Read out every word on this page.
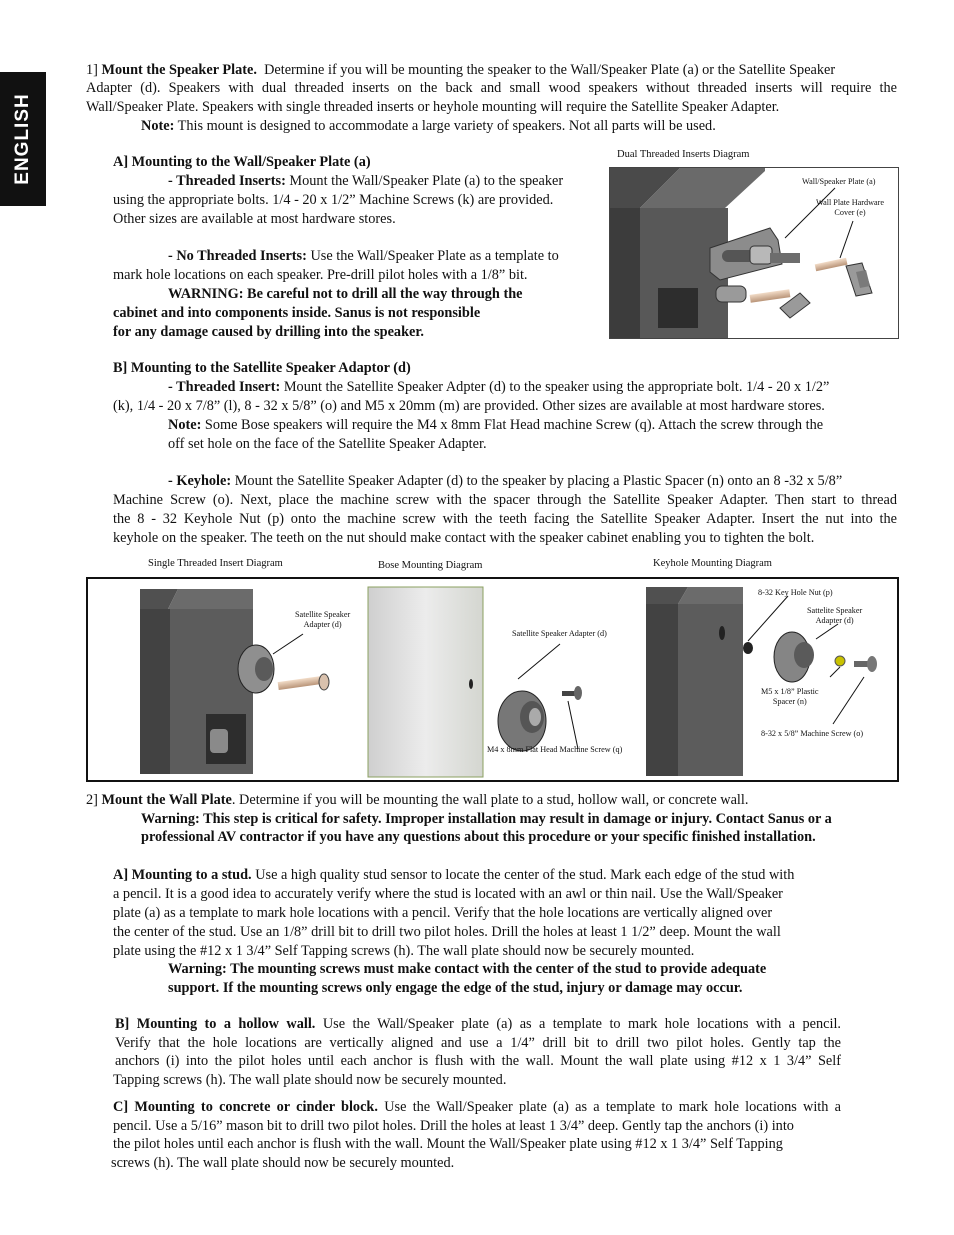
ENGLISH

1] Mount the Speaker Plate. Determine if you will be mounting the speaker to the Wall/Speaker Plate (a) or the Satellite Speaker

Adapter (d). Speakers with dual threaded inserts on the back and small wood speakers without threaded inserts will require the

Wall/Speaker Plate. Speakers with single threaded inserts or heyhole mounting will require the Satellite Speaker Adapter.

Note: This mount is designed to accommodate a large variety of speakers. Not all parts will be used.

A] Mounting to the Wall/Speaker Plate (a)

- Threaded Inserts: Mount the Wall/Speaker Plate (a) to the speaker

using the appropriate bolts. 1/4 - 20 x 1/2” Machine Screws (k) are provided.

Other sizes are available at most hardware stores.

- No Threaded Inserts: Use the Wall/Speaker Plate as a template to

mark hole locations on each speaker. Pre-drill pilot holes with a 1/8” bit.

WARNING: Be careful not to drill all the way through the

cabinet and into components inside. Sanus is not responsible

for any damage caused by drilling into the speaker.

Dual Threaded Inserts Diagram
Wall/Speaker Plate (a)
Wall Plate Hardware
Cover (e)

B] Mounting to the Satellite Speaker Adaptor (d)

- Threaded Insert: Mount the Satellite Speaker Adpter (d) to the speaker using the appropriate bolt. 1/4 - 20 x 1/2”

(k), 1/4 - 20 x 7/8” (l), 8 - 32 x 5/8” (o) and M5 x 20mm (m) are provided. Other sizes are available at most hardware stores.

Note: Some Bose speakers will require the M4 x 8mm Flat Head machine Screw (q). Attach the screw through the

off set hole on the face of the Satellite Speaker Adapter.

- Keyhole: Mount the Satellite Speaker Adapter (d) to the speaker by placing a Plastic Spacer (n) onto an 8 -32 x 5/8”

Machine Screw (o). Next, place the machine screw with the spacer through the Satellite Speaker Adapter. Then start to thread

the 8 - 32 Keyhole Nut (p) onto the machine screw with the teeth facing the Satellite Speaker Adapter. Insert the nut into the

keyhole on the speaker. The teeth on the nut should make contact with the speaker cabinet enabling you to tighten the bolt.

Single Threaded Insert Diagram	Bose Mounting Diagram	Keyhole Mounting Diagram
Satellite Speaker
Adapter (d)
Satellite Speaker Adapter (d)
M4 x 8mm Flat Head Machine Screw (q)
8-32 Key Hole Nut (p)
Sattelite Speaker
Adapter (d)
M5 x 1/8” Plastic
Spacer (n)
8-32 x 5/8” Machine Screw (o)

2] Mount the Wall Plate. Determine if you will be mounting the wall plate to a stud, hollow wall, or concrete wall.

Warning: This step is critical for safety. Improper installation may result in damage or injury. Contact Sanus or a

professional AV contractor if you have any questions about this procedure or your specific finished installation.

A] Mounting to a stud. Use a high quality stud sensor to locate the center of the stud. Mark each edge of the stud with

a pencil. It is a good idea to accurately verify where the stud is located with an awl or thin nail. Use the Wall/Speaker

plate (a) as a template to mark hole locations with a pencil. Verify that the hole locations are vertically aligned over

the center of the stud. Use an 1/8” drill bit to drill two pilot holes. Drill the holes at least 1 1/2” deep. Mount the wall

plate using the #12 x 1 3/4” Self Tapping screws (h). The wall plate should now be securely mounted.

Warning: The mounting screws must make contact with the center of the stud to provide adequate

support. If the mounting screws only engage the edge of the stud, injury or damage may occur.

B] Mounting to a hollow wall. Use the Wall/Speaker plate (a) as a template to mark hole locations with a pencil.

Verify that the hole locations are vertically aligned and use a 1/4” drill bit to drill two pilot holes. Gently tap the

anchors (i) into the pilot holes until each anchor is flush with the wall. Mount the wall plate using #12 x 1 3/4” Self

Tapping screws (h). The wall plate should now be securely mounted.

C] Mounting to concrete or cinder block. Use the Wall/Speaker plate (a) as a template to mark hole locations with a

pencil. Use a 5/16” mason bit to drill two pilot holes. Drill the holes at least 1 3/4” deep. Gently tap the anchors (i) into

the pilot holes until each anchor is flush with the wall. Mount the Wall/Speaker plate using #12 x 1 3/4” Self Tapping

screws (h). The wall plate should now be securely mounted.
